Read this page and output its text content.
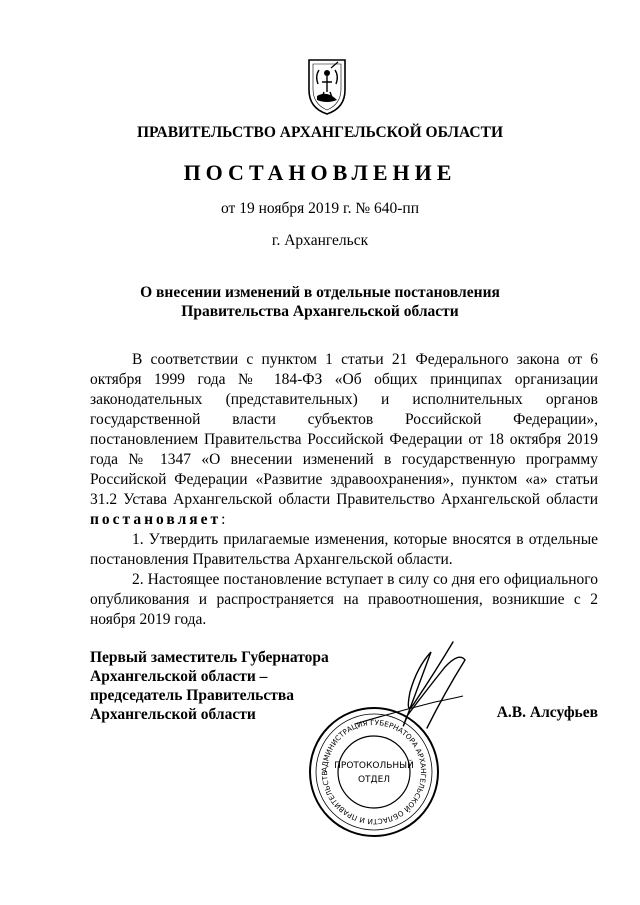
ПРАВИТЕЛЬСТВО АРХАНГЕЛЬСКОЙ ОБЛАСТИ
ПОСТАНОВЛЕНИЕ
от 19 ноября 2019 г. № 640-пп
г. Архангельск
О внесении изменений в отдельные постановления
Правительства Архангельской области

В соответствии с пунктом 1 статьи 21 Федерального закона от 6 октября 1999 года № 184-ФЗ «Об общих принципах организации законодательных (представительных) и исполнительных органов государственной власти субъектов Российской Федерации», постановлением Правительства Российской Федерации от 18 октября 2019 года № 1347 «О внесении изменений в государственную программу Российской Федерации «Развитие здравоохранения», пунктом «а» статьи 31.2 Устава Архангельской области Правительство Архангельской области

постановляет:

1. Утвердить прилагаемые изменения, которые вносятся в отдельные постановления Правительства Архангельской области.

2. Настоящее постановление вступает в силу со дня его официального опубликования и распространяется на правоотношения, возникшие с 2 ноября 2019 года.

Первый заместитель Губернатора
Архангельской области –
председатель Правительства
Архангельской области	А.В. Алсуфьев
АДМИНИСТРАЦИЯ ГУБЕРНАТОРА АРХАНГЕЛЬСКОЙ ОБЛАСТИ И ПРАВИТЕЛЬСТВ
ПРОТОКОЛЬНЫЙ
ОТДЕЛ
